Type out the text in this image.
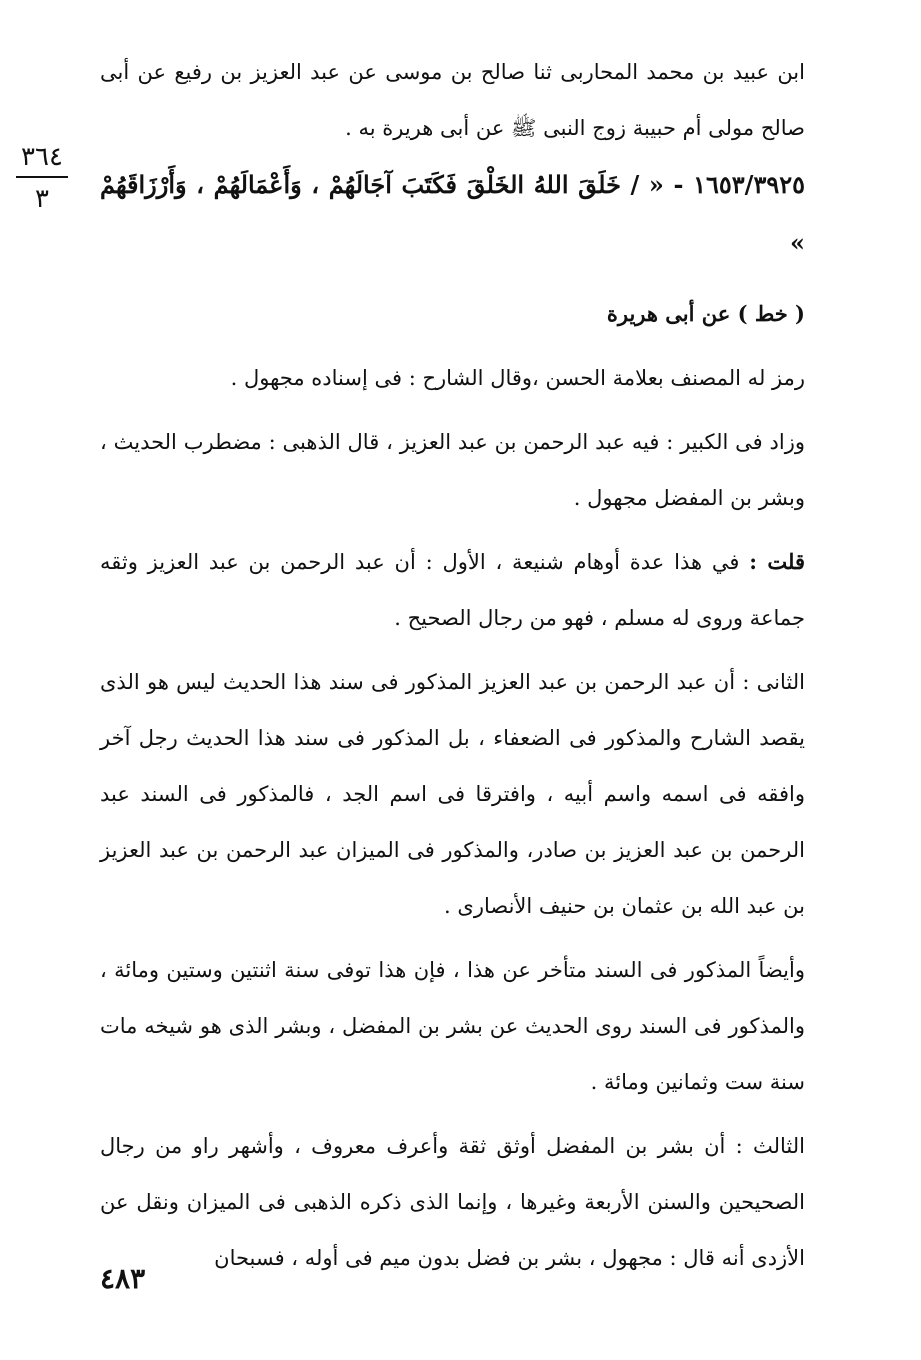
٣٦٤
٣

ابن عبيد بن محمد المحاربى ثنا صالح بن موسى عن عبد العزيز بن رفيع عن أبى صالح مولى أم حبيبة زوج النبى ﷺ عن أبى هريرة به .

١٦٥٣/٣٩٢٥ - « / خَلَقَ اللهُ الخَلْقَ فَكَتَبَ آجَالَهُمْ ، وَأَعْمَالَهُمْ ، وَأَرْزَاقَهُمْ »

( خط ) عن أبى هريرة

رمز له المصنف بعلامة الحسن ،وقال الشارح : فى إسناده مجهول .

وزاد فى الكبير : فيه عبد الرحمن بن عبد العزيز ، قال الذهبى : مضطرب الحديث ، وبشر بن المفضل مجهول .

قلت : في هذا عدة أوهام شنيعة ، الأول : أن عبد الرحمن بن عبد العزيز وثقه جماعة وروى له مسلم ، فهو من رجال الصحيح .

الثانى : أن عبد الرحمن بن عبد العزيز المذكور فى سند هذا الحديث ليس هو الذى يقصد الشارح والمذكور فى الضعفاء ، بل المذكور فى سند هذا الحديث رجل آخر وافقه فى اسمه واسم أبيه ، وافترقا فى اسم الجد ، فالمذكور فى السند عبد الرحمن بن عبد العزيز بن صادر، والمذكور فى الميزان عبد الرحمن بن عبد العزيز بن عبد الله بن عثمان بن حنيف الأنصارى .

وأيضاً المذكور فى السند متأخر عن هذا ، فإن هذا توفى سنة اثنتين وستين ومائة ، والمذكور فى السند روى الحديث عن بشر بن المفضل ، وبشر الذى هو شيخه مات سنة ست وثمانين ومائة .

الثالث : أن بشر بن المفضل أوثق ثقة وأعرف معروف ، وأشهر راو من رجال الصحيحين والسنن الأربعة وغيرها ، وإنما الذى ذكره الذهبى فى الميزان ونقل عن الأزدى أنه قال : مجهول ، بشر بن فضل بدون ميم فى أوله ، فسبحان

٤٨٣
